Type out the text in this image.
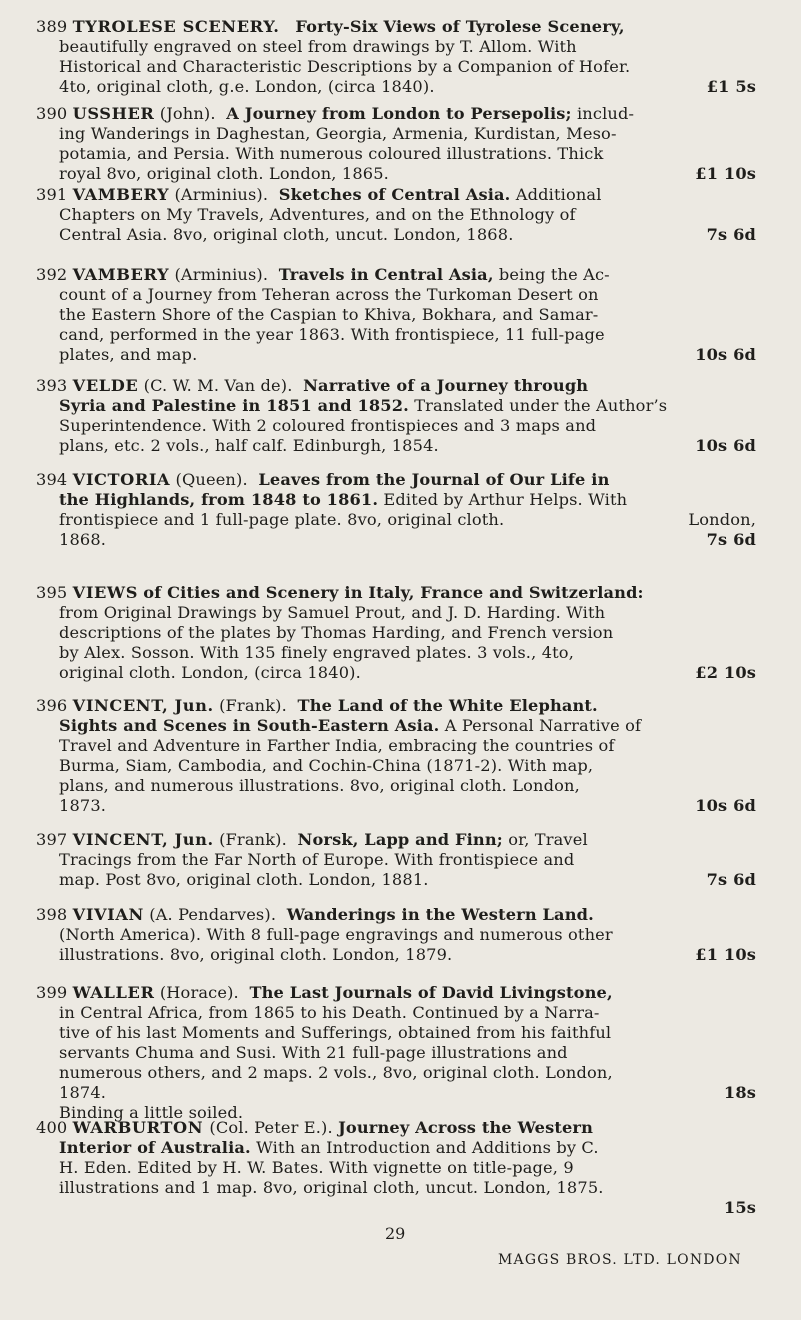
389 TYROLESE SCENERY. Forty-Six Views of Tyrolese Scenery,
beautifully engraved on steel from drawings by T. Allom. With
Historical and Characteristic Descriptions by a Companion of Hofer.
4to, original cloth, g.e. London, (circa 1840).	£1 5s
390 USSHER (John). A Journey from London to Persepolis; includ-
ing Wanderings in Daghestan, Georgia, Armenia, Kurdistan, Meso-
potamia, and Persia. With numerous coloured illustrations. Thick
royal 8vo, original cloth. London, 1865.	£1 10s
391 VAMBERY (Arminius). Sketches of Central Asia. Additional
Chapters on My Travels, Adventures, and on the Ethnology of
Central Asia. 8vo, original cloth, uncut. London, 1868.	7s 6d
392 VAMBERY (Arminius). Travels in Central Asia, being the Ac-
count of a Journey from Teheran across the Turkoman Desert on
the Eastern Shore of the Caspian to Khiva, Bokhara, and Samar-
cand, performed in the year 1863. With frontispiece, 11 full-page
plates, and map.	10s 6d
393 VELDE (C. W. M. Van de). Narrative of a Journey through
Syria and Palestine in 1851 and 1852. Translated under the Author’s
Superintendence. With 2 coloured frontispieces and 3 maps and
plans, etc. 2 vols., half calf. Edinburgh, 1854.	10s 6d
394 VICTORIA (Queen). Leaves from the Journal of Our Life in
the Highlands, from 1848 to 1861. Edited by Arthur Helps. With
frontispiece and 1 full-page plate. 8vo, original cloth.	London,
1868.	7s 6d
395 VIEWS of Cities and Scenery in Italy, France and Switzerland:
from Original Drawings by Samuel Prout, and J. D. Harding. With
descriptions of the plates by Thomas Harding, and French version
by Alex. Sosson. With 135 finely engraved plates. 3 vols., 4to,
original cloth. London, (circa 1840).	£2 10s
396 VINCENT, Jun. (Frank). The Land of the White Elephant.
Sights and Scenes in South-Eastern Asia. A Personal Narrative of
Travel and Adventure in Farther India, embracing the countries of
Burma, Siam, Cambodia, and Cochin-China (1871-2). With map,
plans, and numerous illustrations. 8vo, original cloth. London,
1873.	10s 6d
397 VINCENT, Jun. (Frank). Norsk, Lapp and Finn; or, Travel
Tracings from the Far North of Europe. With frontispiece and
map. Post 8vo, original cloth. London, 1881.	7s 6d
398 VIVIAN (A. Pendarves). Wanderings in the Western Land.
(North America). With 8 full-page engravings and numerous other
illustrations. 8vo, original cloth. London, 1879.	£1 10s
399 WALLER (Horace). The Last Journals of David Livingstone,
in Central Africa, from 1865 to his Death. Continued by a Narra-
tive of his last Moments and Sufferings, obtained from his faithful
servants Chuma and Susi. With 21 full-page illustrations and
numerous others, and 2 maps. 2 vols., 8vo, original cloth. London,
1874.	18s
Binding a little soiled.
400 WARBURTON (Col. Peter E.). Journey Across the Western
Interior of Australia. With an Introduction and Additions by C.
H. Eden. Edited by H. W. Bates. With vignette on title-page, 9
illustrations and 1 map. 8vo, original cloth, uncut. London, 1875.
15s
29
MAGGS BROS. LTD. LONDON
